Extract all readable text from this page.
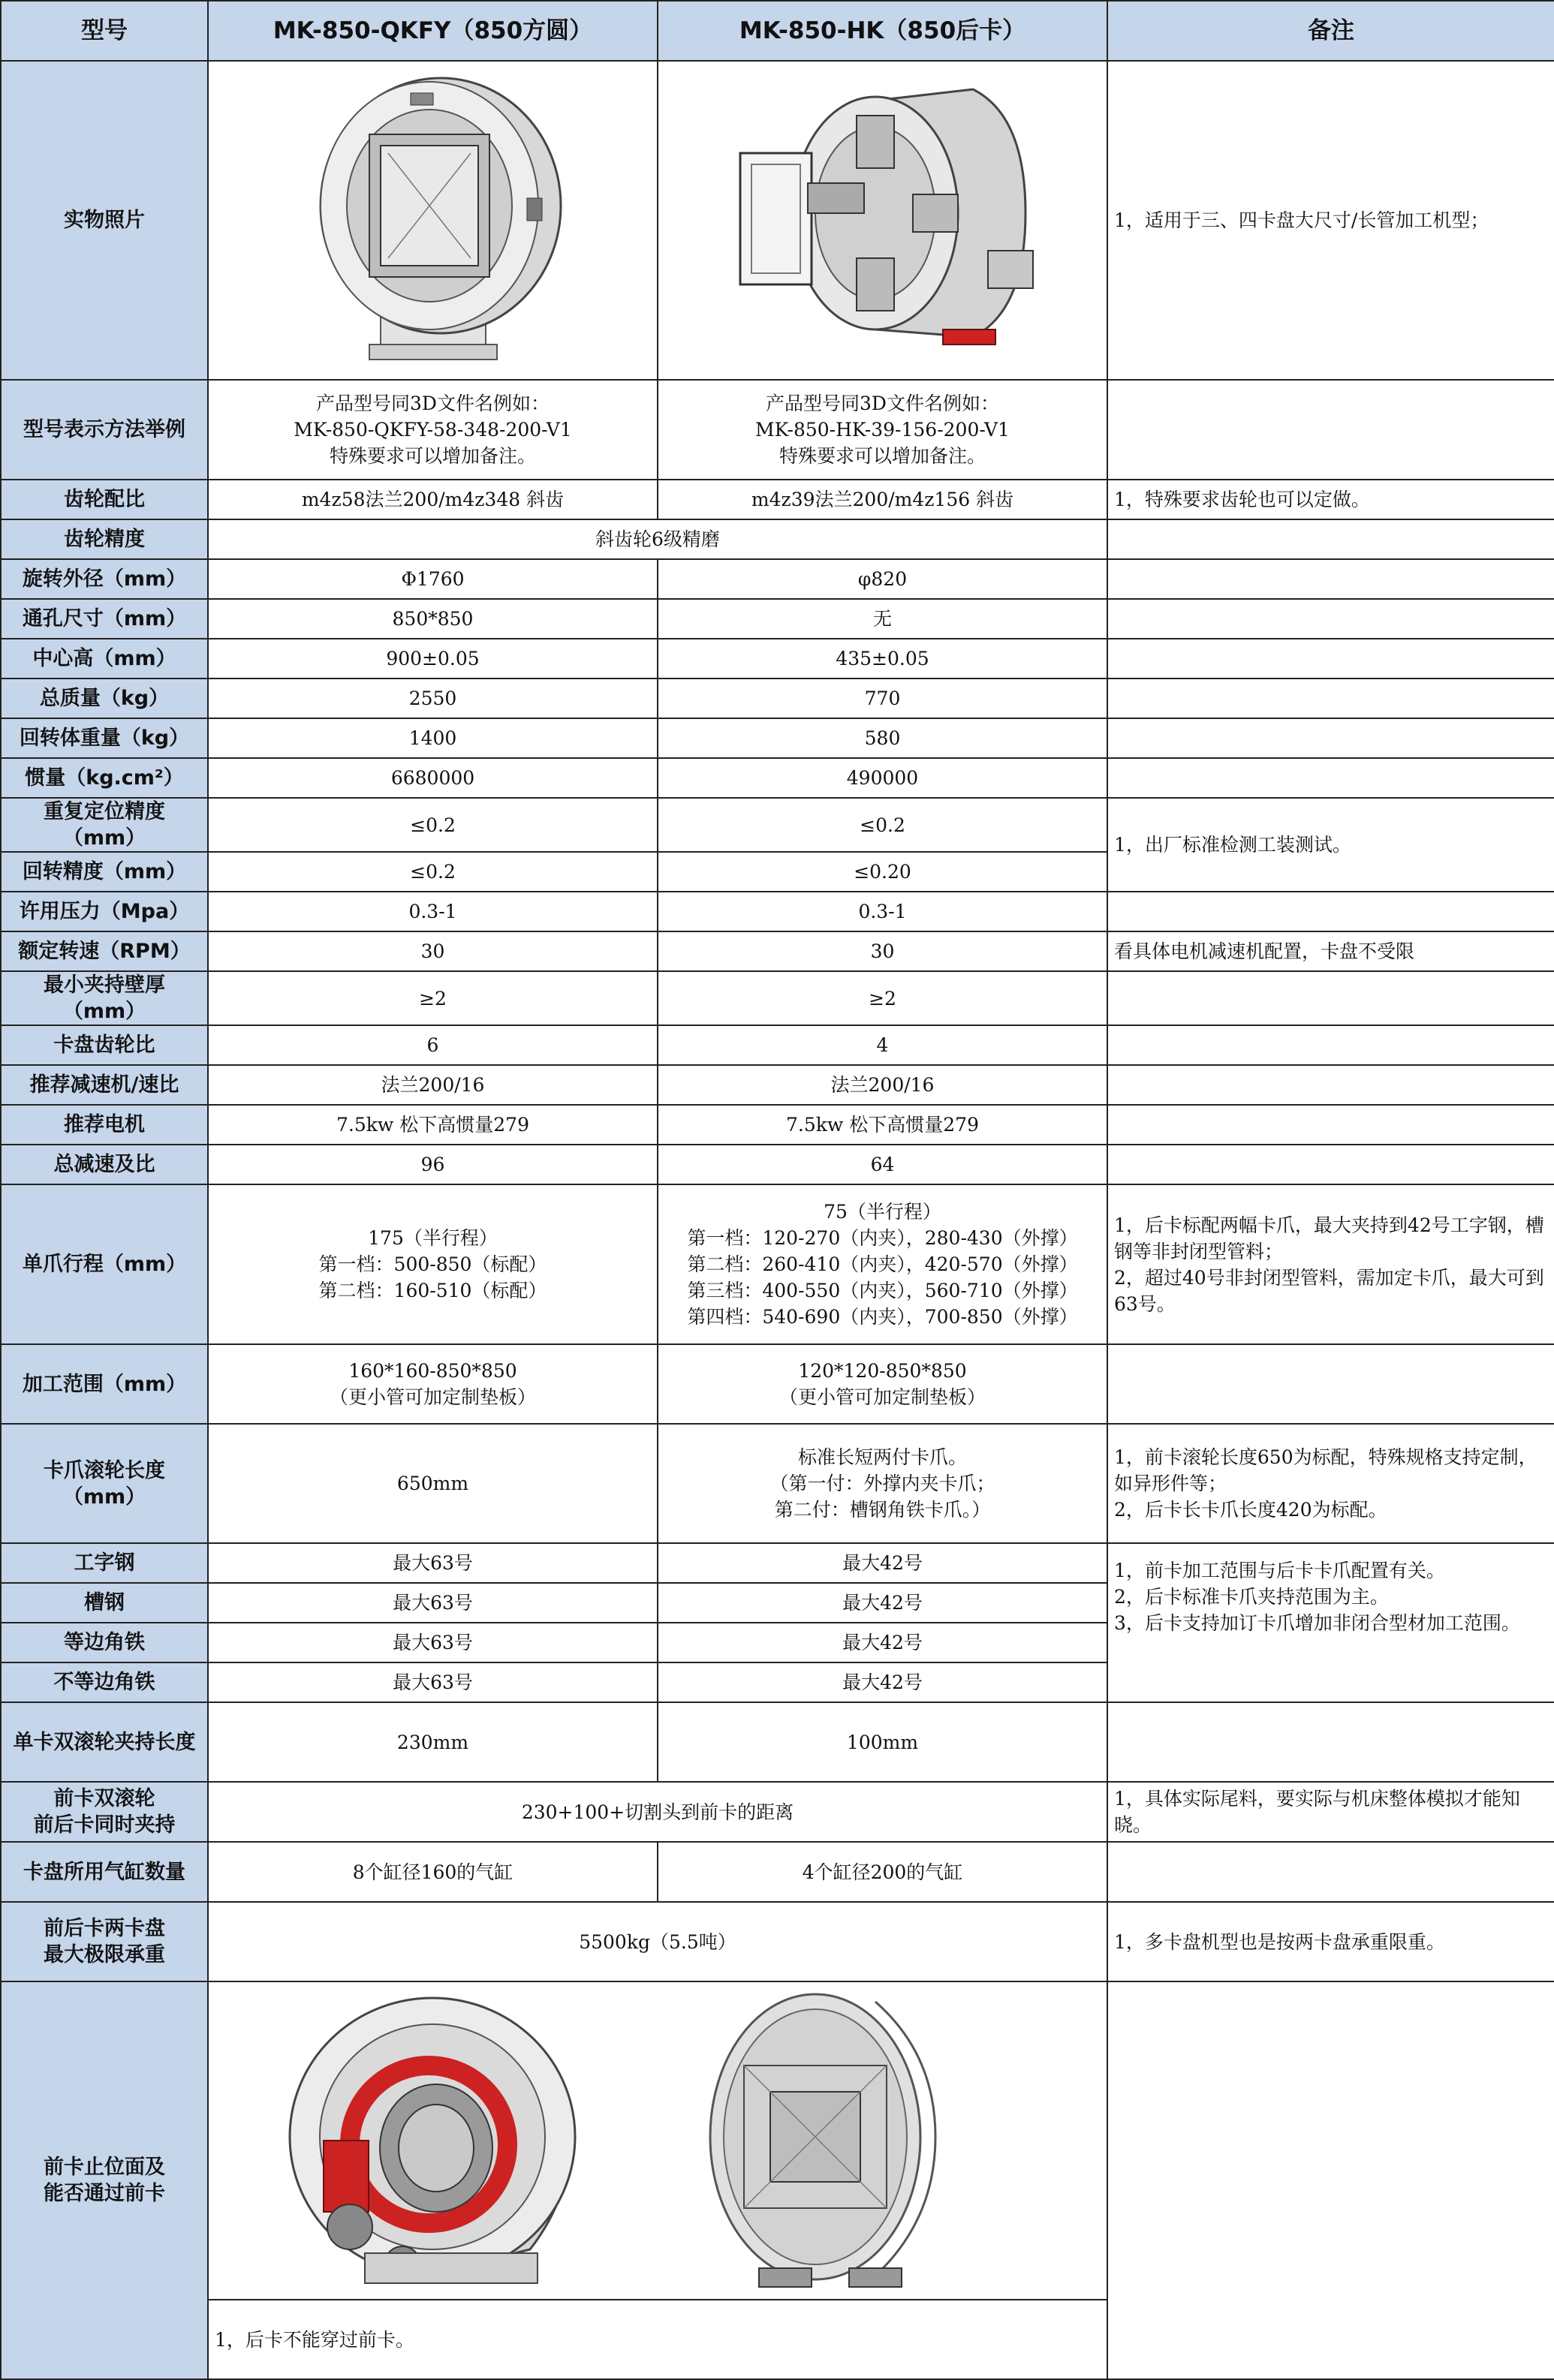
型号	MK-850-QKFY（850方圆）	MK-850-HK（850后卡）	备注
实物照片			1，适用于三、四卡盘大尺寸/长管加工机型；
型号表示方法举例	产品型号同3D文件名例如：
MK-850-QKFY-58-348-200-V1
特殊要求可以增加备注。	产品型号同3D文件名例如：
MK-850-HK-39-156-200-V1
特殊要求可以增加备注。	
齿轮配比	m4z58法兰200/m4z348 斜齿	m4z39法兰200/m4z156 斜齿	1，特殊要求齿轮也可以定做。
齿轮精度	斜齿轮6级精磨		
旋转外径（mm）	Φ1760	φ820	
通孔尺寸（mm）	850*850	无	
中心高（mm）	900±0.05	435±0.05	
总质量（kg）	2550	770	
回转体重量（kg）	1400	580	
惯量（kg.cm²）	6680000	490000	
重复定位精度（mm）	≤0.2	≤0.2	1，出厂标准检测工装测试。
回转精度（mm）	≤0.2	≤0.20	
许用压力（Mpa）	0.3-1	0.3-1	
额定转速（RPM）	30	30	看具体电机减速机配置，卡盘不受限
最小夹持壁厚（mm）	≥2	≥2	
卡盘齿轮比	6	4	
推荐减速机/速比	法兰200/16	法兰200/16	
推荐电机	7.5kw 松下高惯量279	7.5kw 松下高惯量279	
总减速及比	96	64	
单爪行程（mm）	175（半行程）
第一档：500-850（标配）
第二档：160-510（标配）	75（半行程）
第一档：120-270（内夹），280-430（外撑）
第二档：260-410（内夹），420-570（外撑）
第三档：400-550（内夹），560-710（外撑）
第四档：540-690（内夹），700-850（外撑）	1，后卡标配两幅卡爪，最大夹持到42号工字钢，槽钢等非封闭型管料；
2，超过40号非封闭型管料，需加定卡爪，最大可到63号。
加工范围（mm）	160*160-850*850
（更小管可加定制垫板）	120*120-850*850
（更小管可加定制垫板）	
卡爪滚轮长度（mm）	650mm	标准长短两付卡爪。
（第一付：外撑内夹卡爪；
第二付：槽钢角铁卡爪。）	1，前卡滚轮长度650为标配，特殊规格支持定制，如异形件等；
2，后卡长卡爪长度420为标配。
工字钢	最大63号	最大42号	1，前卡加工范围与后卡卡爪配置有关。
2，后卡标准卡爪夹持范围为主。
3，后卡支持加订卡爪增加非闭合型材加工范围。
槽钢	最大63号	最大42号	
等边角铁	最大63号	最大42号	
不等边角铁	最大63号	最大42号	
单卡双滚轮夹持长度	230mm	100mm	
前卡双滚轮
前后卡同时夹持	230+100+切割头到前卡的距离		1，具体实际尾料，要实际与机床整体模拟才能知晓。
卡盘所用气缸数量	8个缸径160的气缸	4个缸径200的气缸	
前后卡两卡盘
最大极限承重	5500kg（5.5吨）		1，多卡盘机型也是按两卡盘承重限重。
前卡止位面及
能否通过前卡	

	1，后卡不能穿过前卡。		
